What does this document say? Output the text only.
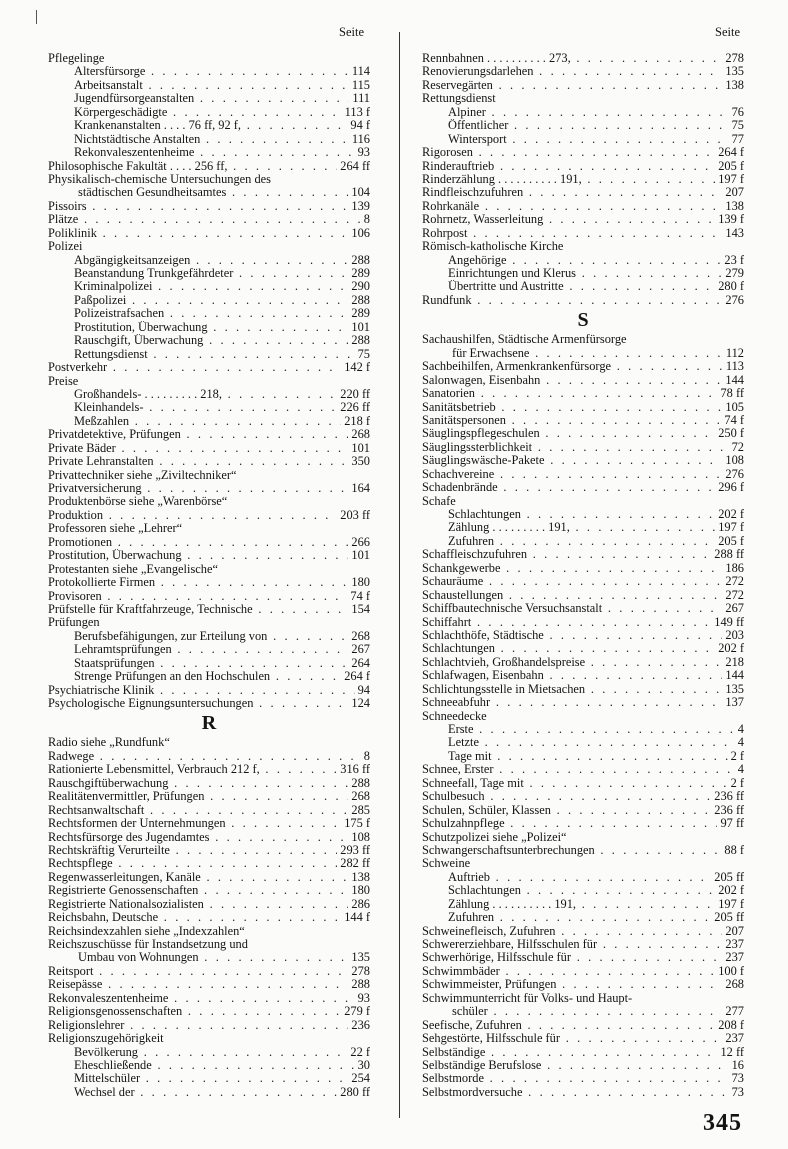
Seite	Seite
Pflegelinge
Altersfürsorge . . .	114
Arbeitsanstalt . . .	115
Jugendfürsorgeanstalten . . .	111
Körpergeschädigte . . .	113 f
Krankenanstalten . . . . 76 ff, 92 f, . . .	94 f
Nichtstädtische Anstalten . . .	116
Rekonvaleszentenheime . . .	93
Philosophische Fakultät . . . . 256 ff, . . .	264 ff
Physikalisch-chemische Untersuchungen des
städtischen Gesundheitsamtes . . .	104
Pissoirs . . .	139
Plätze . . .	8
Poliklinik . . .	106
Polizei
Abgängigkeitsanzeigen . . .	288
Beanstandung Trunkgefährdeter . . .	289
Kriminalpolizei . . .	290
Paßpolizei . . .	288
Polizeistrafsachen . . .	289
Prostitution, Überwachung . . .	101
Rauschgift, Überwachung . . .	288
Rettungsdienst . . .	75
Postverkehr . . .	142 f
Preise
Großhandels- . . . . . . . . . 218, . . .	220 ff
Kleinhandels- . . .	226 ff
Meßzahlen . . .	218 f
Privatdetektive, Prüfungen . . .	268
Private Bäder . . .	101
Private Lehranstalten . . .	350
Privattechniker siehe „Ziviltechniker“
Privatversicherung . . .	164
Produktenbörse siehe „Warenbörse“
Produktion . . .	203 ff
Professoren siehe „Lehrer“
Promotionen . . .	266
Prostitution, Überwachung . . .	101
Protestanten siehe „Evangelische“
Protokollierte Firmen . . .	180
Provisoren . . .	74 f
Prüfstelle für Kraftfahrzeuge, Technische . . .	154
Prüfungen
Berufsbefähigungen, zur Erteilung von . . .	268
Lehramtsprüfungen . . .	267
Staatsprüfungen . . .	264
Strenge Prüfungen an den Hochschulen . . .	264 f
Psychiatrische Klinik . . .	94
Psychologische Eignungsuntersuchungen . . .	124
R
Radio siehe „Rundfunk“
Radwege . . .	8
Rationierte Lebensmittel, Verbrauch 212 f, . . .	316 ff
Rauschgiftüberwachung . . .	288
Realitätenvermittler, Prüfungen . . .	268
Rechtsanwaltschaft . . .	285
Rechtsformen der Unternehmungen . . .	175 f
Rechtsfürsorge des Jugendamtes . . .	108
Rechtskräftig Verurteilte . . .	293 ff
Rechtspflege . . .	282 ff
Regenwasserleitungen, Kanäle . . .	138
Registrierte Genossenschaften . . .	180
Registrierte Nationalsozialisten . . .	286
Reichsbahn, Deutsche . . .	144 f
Reichsindexzahlen siehe „Indexzahlen“
Reichszuschüsse für Instandsetzung und
Umbau von Wohnungen . . .	135
Reitsport . . .	278
Reisepässe . . .	288
Rekonvaleszentenheime . . .	93
Religionsgenossenschaften . . .	279 f
Religionslehrer . . .	236
Religionszugehörigkeit
Bevölkerung . . .	22 f
Eheschließende . . .	30
Mittelschüler . . .	254
Wechsel der . . .	280 ff
Rennbahnen . . . . . . . . . . 273, . . .	278
Renovierungsdarlehen . . .	135
Reservegärten . . .	138
Rettungsdienst
Alpiner . . .	76
Öffentlicher . . .	75
Wintersport . . .	77
Rigorosen . . .	264 f
Rinderauftrieb . . .	205 f
Rinderzählung . . . . . . . . . . 191, . . .	197 f
Rindfleischzufuhren . . .	207
Rohrkanäle . . .	138
Rohrnetz, Wasserleitung . . .	139 f
Rohrpost . . .	143
Römisch-katholische Kirche
Angehörige . . .	23 f
Einrichtungen und Klerus . . .	279
Übertritte und Austritte . . .	280 f
Rundfunk . . .	276
S
Sachaushilfen, Städtische Armenfürsorge
für Erwachsene . . .	112
Sachbeihilfen, Armenkrankenfürsorge . . .	113
Salonwagen, Eisenbahn . . .	144
Sanatorien . . .	78 ff
Sanitätsbetrieb . . .	105
Sanitätspersonen . . .	74 f
Säuglingspflegeschulen . . .	250 f
Säuglingssterblichkeit . . .	72
Säuglingswäsche-Pakete . . .	108
Schachvereine . . .	276
Schadenbrände . . .	296 f
Schafe
Schlachtungen . . .	202 f
Zählung . . . . . . . . . 191, . . .	197 f
Zufuhren . . .	205 f
Schaffleischzufuhren . . .	288 ff
Schankgewerbe . . .	186
Schauräume . . .	272
Schaustellungen . . .	272
Schiffbautechnische Versuchsanstalt . . .	267
Schiffahrt . . .	149 ff
Schlachthöfe, Städtische . . .	203
Schlachtungen . . .	202 f
Schlachtvieh, Großhandelspreise . . .	218
Schlafwagen, Eisenbahn . . .	144
Schlichtungsstelle in Mietsachen . . .	135
Schneeabfuhr . . .	137
Schneedecke
Erste . . .	4
Letzte . . .	4
Tage mit . . .	2 f
Schnee, Erster . . .	4
Schneefall, Tage mit . . .	2 f
Schulbesuch . . .	236 ff
Schulen, Schüler, Klassen . . .	236 ff
Schulzahnpflege . . .	97 ff
Schutzpolizei siehe „Polizei“
Schwangerschaftsunterbrechungen . . .	88 f
Schweine
Auftrieb . . .	205 ff
Schlachtungen . . .	202 f
Zählung . . . . . . . . . . 191, . . .	197 f
Zufuhren . . .	205 ff
Schweinefleisch, Zufuhren . . .	207
Schwererziehbare, Hilfsschulen für . . .	237
Schwerhörige, Hilfsschule für . . .	237
Schwimmbäder . . .	100 f
Schwimmeister, Prüfungen . . .	268
Schwimmunterricht für Volks- und Haupt-
schüler . . .	277
Seefische, Zufuhren . . .	208 f
Sehgestörte, Hilfsschule für . . .	237
Selbständige . . .	12 ff
Selbständige Berufslose . . .	16
Selbstmorde . . .	73
Selbstmordversuche . . .	73
345
